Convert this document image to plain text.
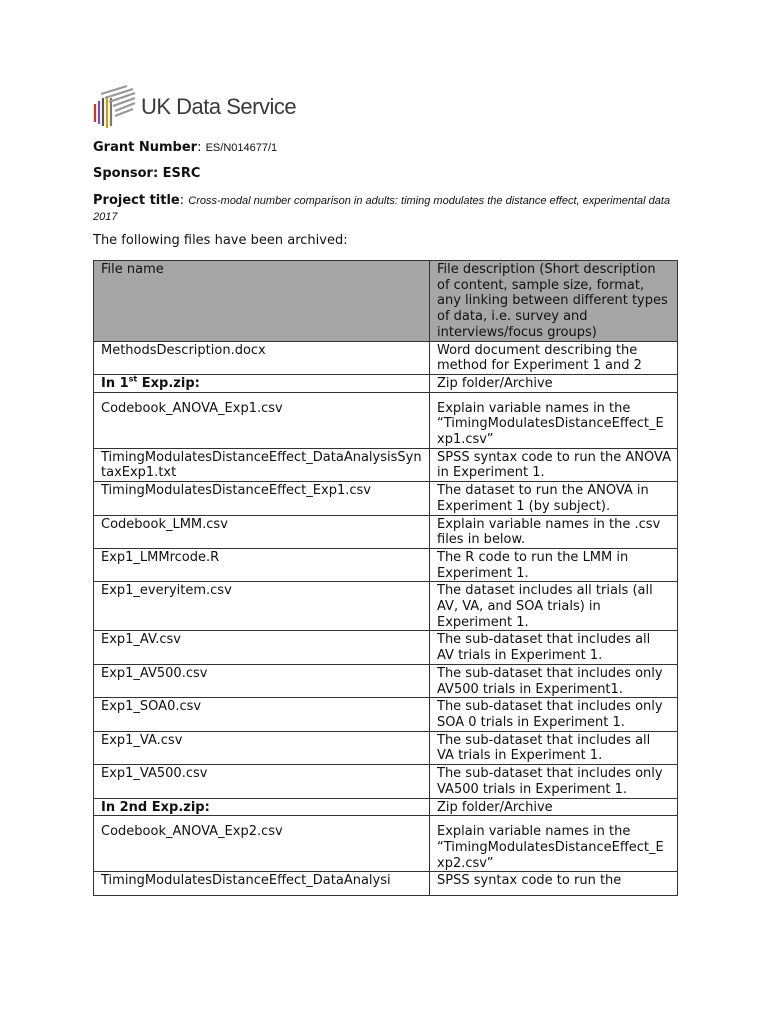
UK Data Service
Grant Number: ES/N014677/1
Sponsor: ESRC
Project title: Cross-modal number comparison in adults: timing modulates the distance effect, experimental data 2017
The following files have been archived:
File name	File description (Short description of content, sample size, format, any linking between different types of data, i.e. survey and interviews/focus groups)
MethodsDescription.docx	Word document describing the method for Experiment 1 and 2
In 1st Exp.zip:	Zip folder/Archive
Codebook_ANOVA_Exp1.csv	Explain variable names in the “TimingModulatesDistanceEffect_Exp1.csv”
TimingModulatesDistanceEffect_DataAnalysisSyntaxExp1.txt	SPSS syntax code to run the ANOVA in Experiment 1.
TimingModulatesDistanceEffect_Exp1.csv	The dataset to run the ANOVA in Experiment 1 (by subject).
Codebook_LMM.csv	Explain variable names in the .csv files in below.
Exp1_LMMrcode.R	The R code to run the LMM in Experiment 1.
Exp1_everyitem.csv	The dataset includes all trials (all AV, VA, and SOA trials) in Experiment 1.
Exp1_AV.csv	The sub-dataset that includes all AV trials in Experiment 1.
Exp1_AV500.csv	The sub-dataset that includes only AV500 trials in Experiment1.
Exp1_SOA0.csv	The sub-dataset that includes only SOA 0 trials in Experiment 1.
Exp1_VA.csv	The sub-dataset that includes all VA trials in Experiment 1.
Exp1_VA500.csv	The sub-dataset that includes only VA500 trials in Experiment 1.
In 2nd Exp.zip:	Zip folder/Archive
Codebook_ANOVA_Exp2.csv	Explain variable names in the “TimingModulatesDistanceEffect_Exp2.csv”
TimingModulatesDistanceEffect_DataAnalysi	SPSS syntax code to run the
